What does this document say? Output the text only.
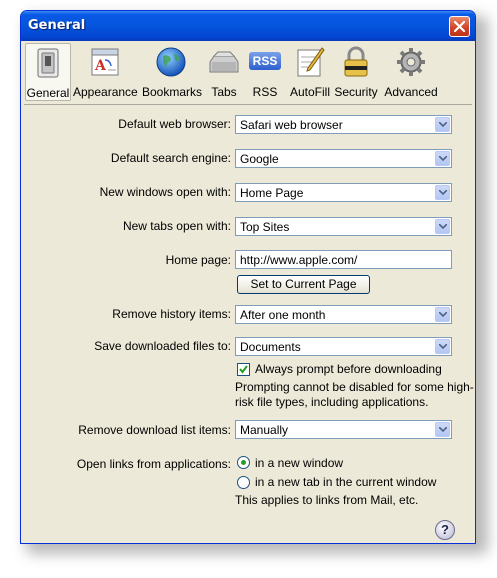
General
General
A
Appearance Bookmarks Tabs
RSS
RSS	AutoFill Security Advanced
Default web browser: Safari web browser
Default search engine: Google
New windows open with: Home Page
New tabs open with: Top Sites
Home page: http://www.apple.com/
Set to Current Page
Remove history items: After one month
Save downloaded files to: Documents
Always prompt before downloading
Prompting cannot be disabled for some high-
risk file types, including applications.
Remove download list items: Manually
Open links from applications: in a new window
in a new tab in the current window
This applies to links from Mail, etc.
?
